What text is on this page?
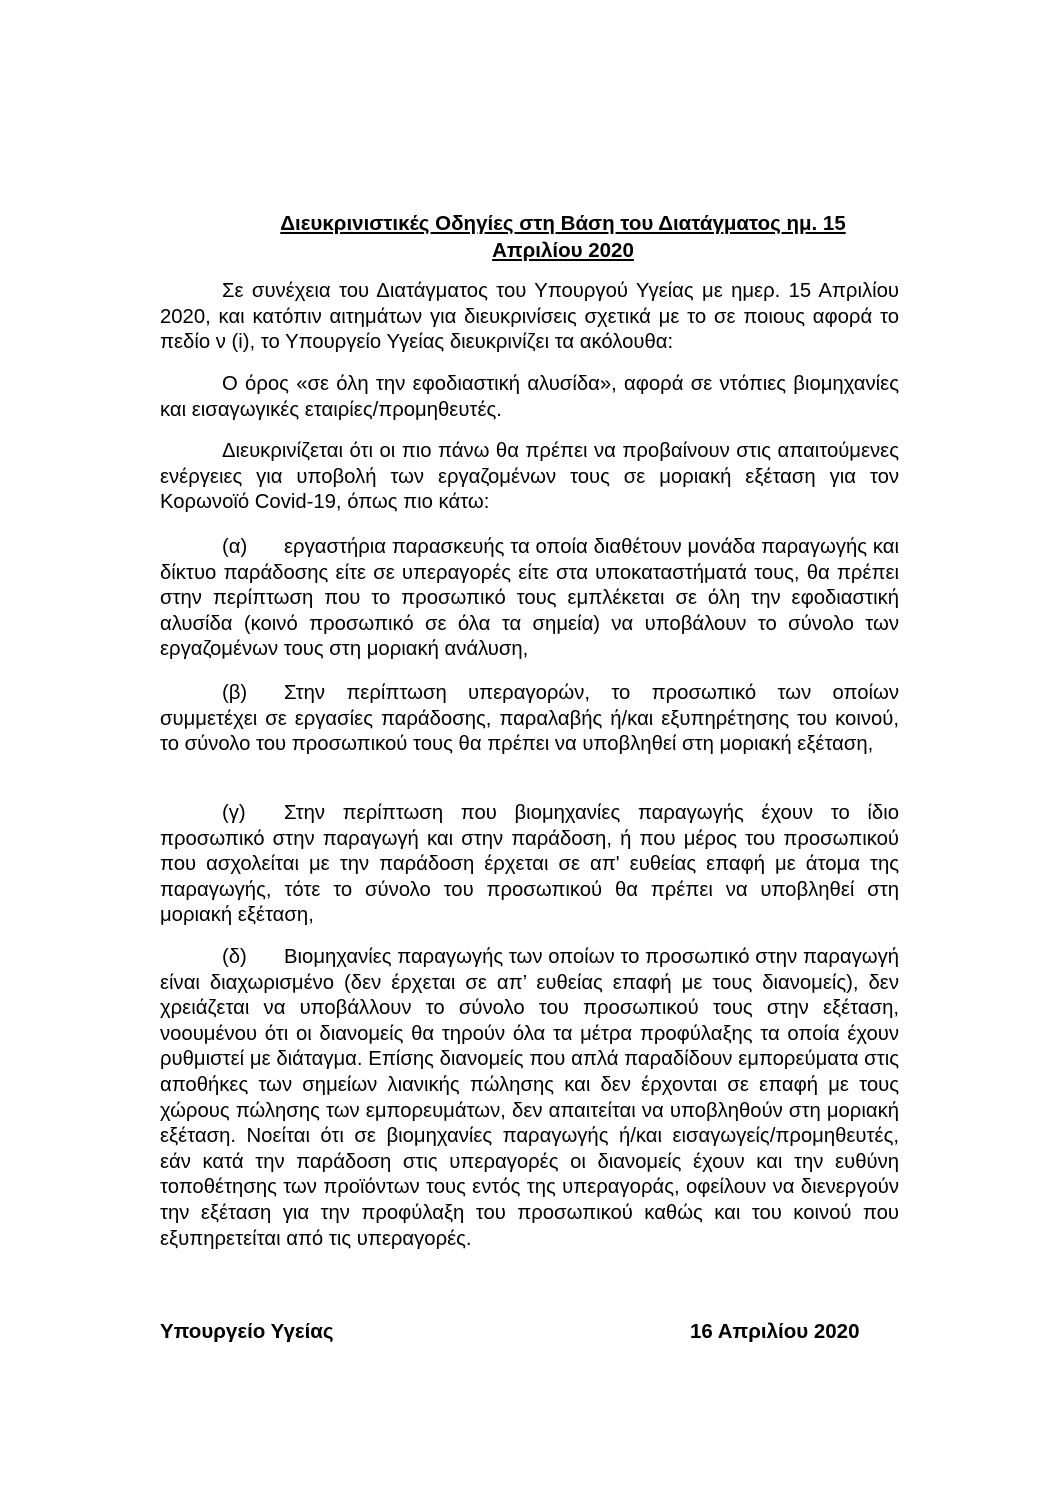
Διευκρινιστικές Οδηγίες στη Βάση του Διατάγματος ημ. 15
Απριλίου 2020

Σε συνέχεια του Διατάγματος του Υπουργού Υγείας με ημερ. 15 Απριλίου 2020, και κατόπιν αιτημάτων για διευκρινίσεις σχετικά με το σε ποιους αφορά το πεδίο ν (i), το Υπουργείο Υγείας διευκρινίζει τα ακόλουθα:

Ο όρος «σε όλη την εφοδιαστική αλυσίδα», αφορά σε ντόπιες βιομηχανίες και εισαγωγικές εταιρίες/προμηθευτές.

Διευκρινίζεται ότι οι πιο πάνω θα πρέπει να προβαίνουν στις απαιτούμενες ενέργειες για υποβολή των εργαζομένων τους σε μοριακή εξέταση για τον Κορωνοϊό Covid-19, όπως πιο κάτω:

(α) εργαστήρια παρασκευής τα οποία διαθέτουν μονάδα παραγωγής και δίκτυο παράδοσης είτε σε υπεραγορές είτε στα υποκαταστήματά τους, θα πρέπει στην περίπτωση που το προσωπικό τους εμπλέκεται σε όλη την εφοδιαστική αλυσίδα (κοινό προσωπικό σε όλα τα σημεία) να υποβάλουν το σύνολο των εργαζομένων τους στη μοριακή ανάλυση,

(β) Στην περίπτωση υπεραγορών, το προσωπικό των οποίων συμμετέχει σε εργασίες παράδοσης, παραλαβής ή/και εξυπηρέτησης του κοινού, το σύνολο του προσωπικού τους θα πρέπει να υποβληθεί στη μοριακή εξέταση,

(γ) Στην περίπτωση που βιομηχανίες παραγωγής έχουν το ίδιο προσωπικό στην παραγωγή και στην παράδοση, ή που μέρος του προσωπικού που ασχολείται με την παράδοση έρχεται σε απ' ευθείας επαφή με άτομα της παραγωγής, τότε το σύνολο του προσωπικού θα πρέπει να υποβληθεί στη μοριακή εξέταση,

(δ) Βιομηχανίες παραγωγής των οποίων το προσωπικό στην παραγωγή είναι διαχωρισμένο (δεν έρχεται σε απ’ ευθείας επαφή με τους διανομείς), δεν χρειάζεται να υποβάλλουν το σύνολο του προσωπικού τους στην εξέταση, νοουμένου ότι οι διανομείς θα τηρούν όλα τα μέτρα προφύλαξης τα οποία έχουν ρυθμιστεί με διάταγμα. Επίσης διανομείς που απλά παραδίδουν εμπορεύματα στις αποθήκες των σημείων λιανικής πώλησης και δεν έρχονται σε επαφή με τους χώρους πώλησης των εμπορευμάτων, δεν απαιτείται να υποβληθούν στη μοριακή εξέταση. Νοείται ότι σε βιομηχανίες παραγωγής ή/και εισαγωγείς/προμηθευτές, εάν κατά την παράδοση στις υπεραγορές οι διανομείς έχουν και την ευθύνη τοποθέτησης των προϊόντων τους εντός της υπεραγοράς, οφείλουν να διενεργούν την εξέταση για την προφύλαξη του προσωπικού καθώς και του κοινού που εξυπηρετείται από τις υπεραγορές.

Υπουργείο Υγείας	16 Απριλίου 2020
